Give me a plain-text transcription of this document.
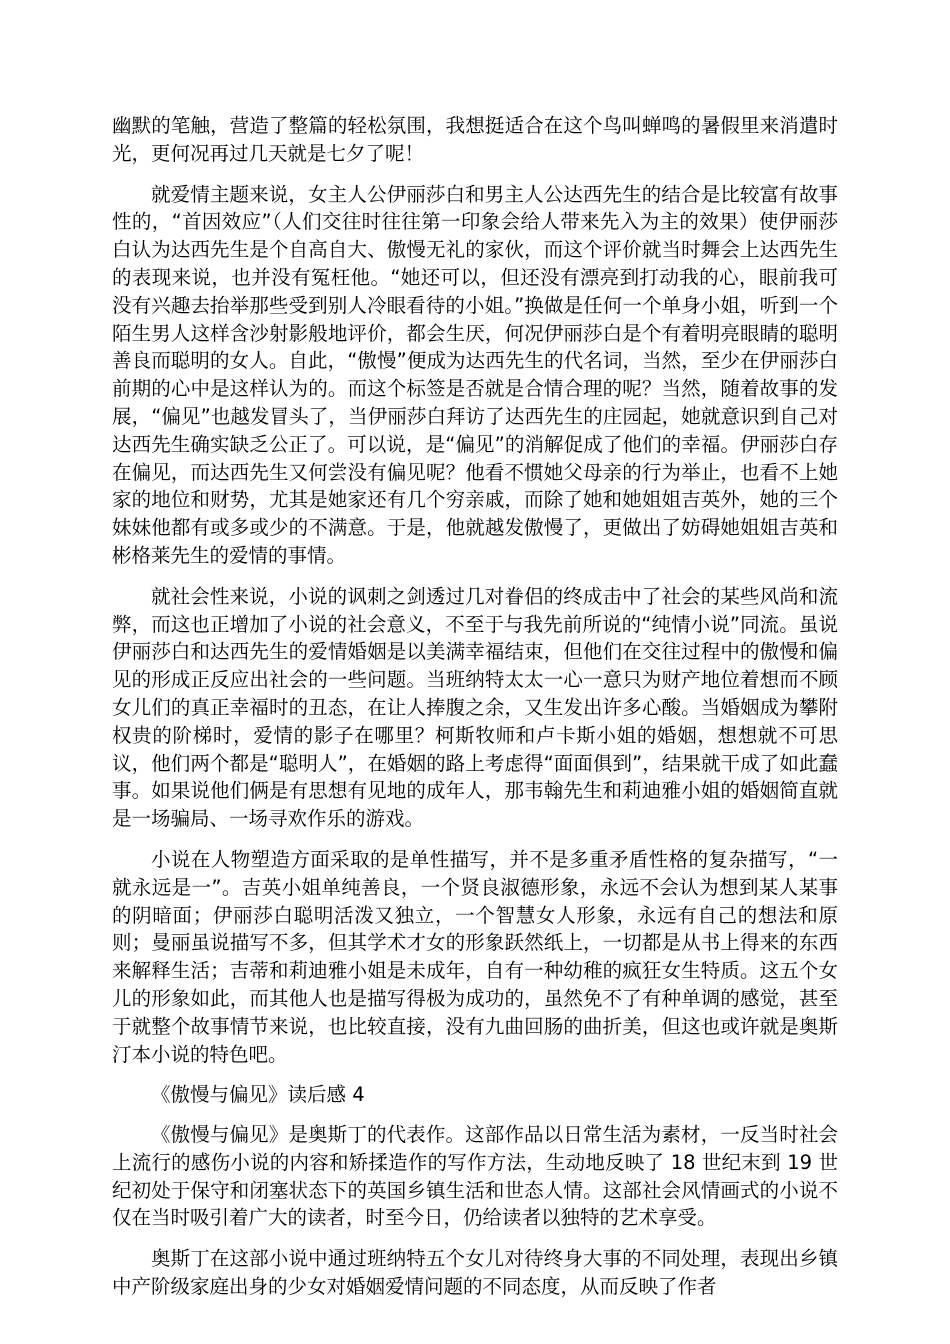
幽默的笔触，营造了整篇的轻松氛围，我想挺适合在这个鸟叫蝉鸣的暑假里来消遣时光，更何况再过几天就是七夕了呢！

就爱情主题来说，女主人公伊丽莎白和男主人公达西先生的结合是比较富有故事性的，“首因效应”（人们交往时往往第一印象会给人带来先入为主的效果）使伊丽莎白认为达西先生是个自高自大、傲慢无礼的家伙，而这个评价就当时舞会上达西先生的表现来说，也并没有冤枉他。“她还可以，但还没有漂亮到打动我的心，眼前我可没有兴趣去抬举那些受到别人冷眼看待的小姐。”换做是任何一个单身小姐，听到一个陌生男人这样含沙射影般地评价，都会生厌，何况伊丽莎白是个有着明亮眼睛的聪明善良而聪明的女人。自此，“傲慢”便成为达西先生的代名词，当然，至少在伊丽莎白前期的心中是这样认为的。而这个标签是否就是合情合理的呢？当然，随着故事的发展，“偏见”也越发冒头了，当伊丽莎白拜访了达西先生的庄园起，她就意识到自己对达西先生确实缺乏公正了。可以说，是“偏见”的消解促成了他们的幸福。伊丽莎白存在偏见，而达西先生又何尝没有偏见呢？他看不惯她父母亲的行为举止，也看不上她家的地位和财势，尤其是她家还有几个穷亲戚，而除了她和她姐姐吉英外，她的三个妹妹他都有或多或少的不满意。于是，他就越发傲慢了，更做出了妨碍她姐姐吉英和彬格莱先生的爱情的事情。

就社会性来说，小说的讽刺之剑透过几对眷侣的终成击中了社会的某些风尚和流弊，而这也正增加了小说的社会意义，不至于与我先前所说的“纯情小说”同流。虽说伊丽莎白和达西先生的爱情婚姻是以美满幸福结束，但他们在交往过程中的傲慢和偏见的形成正反应出社会的一些问题。当班纳特太太一心一意只为财产地位着想而不顾女儿们的真正幸福时的丑态，在让人捧腹之余，又生发出许多心酸。当婚姻成为攀附权贵的阶梯时，爱情的影子在哪里？柯斯牧师和卢卡斯小姐的婚姻，想想就不可思议，他们两个都是“聪明人”，在婚姻的路上考虑得“面面俱到”，结果就干成了如此蠢事。如果说他们俩是有思想有见地的成年人，那韦翰先生和莉迪雅小姐的婚姻简直就是一场骗局、一场寻欢作乐的游戏。

小说在人物塑造方面采取的是单性描写，并不是多重矛盾性格的复杂描写，“一就永远是一”。吉英小姐单纯善良，一个贤良淑德形象，永远不会认为想到某人某事的阴暗面；伊丽莎白聪明活泼又独立，一个智慧女人形象，永远有自己的想法和原则；曼丽虽说描写不多，但其学术才女的形象跃然纸上，一切都是从书上得来的东西来解释生活；吉蒂和莉迪雅小姐是未成年，自有一种幼稚的疯狂女生特质。这五个女儿的形象如此，而其他人也是描写得极为成功的，虽然免不了有种单调的感觉，甚至于就整个故事情节来说，也比较直接，没有九曲回肠的曲折美，但这也或许就是奥斯汀本小说的特色吧。

《傲慢与偏见》读后感 4

《傲慢与偏见》是奥斯丁的代表作。这部作品以日常生活为素材，一反当时社会上流行的感伤小说的内容和矫揉造作的写作方法，生动地反映了 18 世纪末到 19 世纪初处于保守和闭塞状态下的英国乡镇生活和世态人情。这部社会风情画式的小说不仅在当时吸引着广大的读者，时至今日，仍给读者以独特的艺术享受。

奥斯丁在这部小说中通过班纳特五个女儿对待终身大事的不同处理，表现出乡镇中产阶级家庭出身的少女对婚姻爱情问题的不同态度，从而反映了作者
